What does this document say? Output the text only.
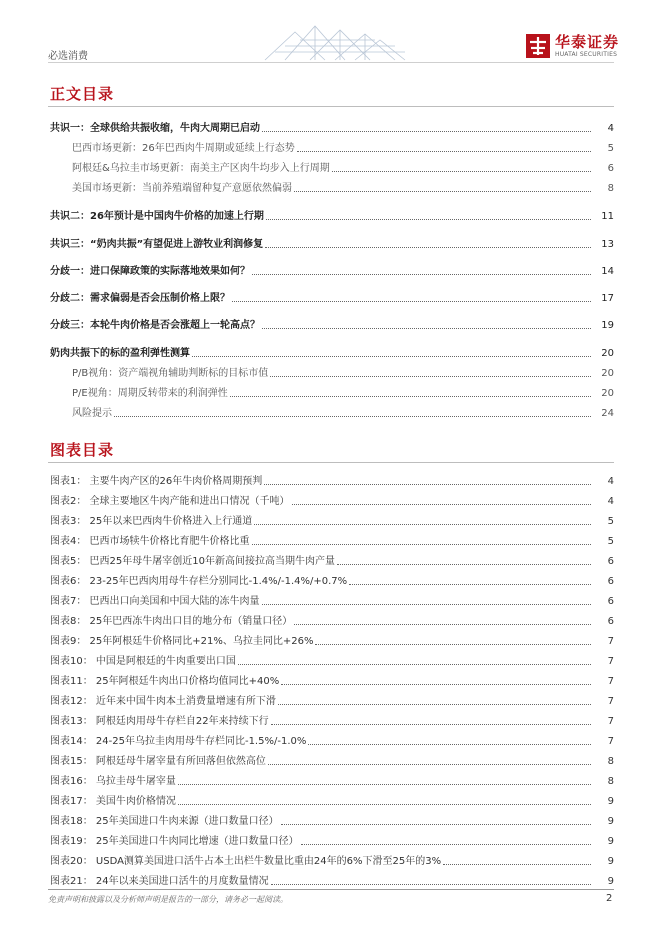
必选消费
华泰证券
HUATAI SECURITIES
正文目录
共识一：全球供给共振收缩，牛肉大周期已启动	4
巴西市场更新：26年巴西肉牛周期或延续上行态势	5
阿根廷&乌拉圭市场更新：南美主产区肉牛均步入上行周期	6
美国市场更新：当前养殖端留种复产意愿依然偏弱	8
共识二：26年预计是中国肉牛价格的加速上行期	11
共识三：“奶肉共振”有望促进上游牧业利润修复	13
分歧一：进口保障政策的实际落地效果如何？	14
分歧二：需求偏弱是否会压制价格上限？	17
分歧三：本轮牛肉价格是否会涨超上一轮高点？	19
奶肉共振下的标的盈利弹性测算	20
P/B视角：资产端视角辅助判断标的目标市值	20
P/E视角：周期反转带来的利润弹性	20
风险提示	24
图表目录
图表1： 主要牛肉产区的26年牛肉价格周期预判	4
图表2： 全球主要地区牛肉产能和进出口情况（千吨）	4
图表3： 25年以来巴西肉牛价格进入上行通道	5
图表4： 巴西市场犊牛价格比育肥牛价格比重	5
图表5： 巴西25年母牛屠宰创近10年新高间接拉高当期牛肉产量	6
图表6： 23-25年巴西肉用母牛存栏分别同比-1.4%/-1.4%/+0.7%	6
图表7： 巴西出口向美国和中国大陆的冻牛肉量	6
图表8： 25年巴西冻牛肉出口目的地分布（销量口径）	6
图表9： 25年阿根廷牛价格同比+21%、乌拉圭同比+26%	7
图表10： 中国是阿根廷的牛肉重要出口国	7
图表11： 25年阿根廷牛肉出口价格均值同比+40%	7
图表12： 近年来中国牛肉本土消费量增速有所下滑	7
图表13： 阿根廷肉用母牛存栏自22年来持续下行	7
图表14： 24-25年乌拉圭肉用母牛存栏同比-1.5%/-1.0%	7
图表15： 阿根廷母牛屠宰量有所回落但依然高位	8
图表16： 乌拉圭母牛屠宰量	8
图表17： 美国牛肉价格情况	9
图表18： 25年美国进口牛肉来源（进口数量口径）	9
图表19： 25年美国进口牛肉同比增速（进口数量口径）	9
图表20： USDA测算美国进口活牛占本土出栏牛数量比重由24年的6%下滑至25年的3%	9
图表21： 24年以来美国进口活牛的月度数量情况	9
免责声明和披露以及分析师声明是报告的一部分，请务必一起阅读。	2
